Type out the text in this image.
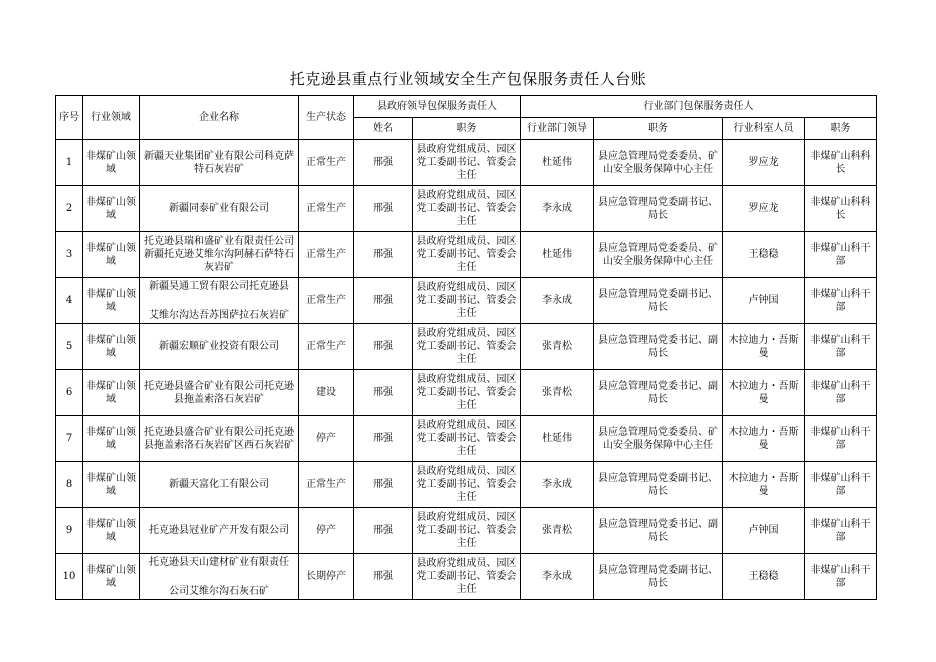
托克逊县重点行业领域安全生产包保服务责任人台账
序号	行业领域	企业名称	生产状态	县政府领导包保服务责任人		行业部门包保服务责任人			
				姓名	职务	行业部门领导	职务	行业科室人员	职务
1	非煤矿山领域	新疆天业集团矿业有限公司科克萨特石灰岩矿	正常生产	邢强	县政府党组成员、园区党工委副书记、管委会主任	杜延伟	县应急管理局党委委员、矿山安全服务保障中心主任	罗应龙	非煤矿山科科长
2	非煤矿山领域	新疆同泰矿业有限公司	正常生产	邢强	县政府党组成员、园区党工委副书记、管委会主任	李永成	县应急管理局党委副书记、局长	罗应龙	非煤矿山科科长
3	非煤矿山领域	托克逊县瑞和盛矿业有限责任公司新疆托克逊艾维尔沟阿赫石萨特石灰岩矿	正常生产	邢强	县政府党组成员、园区党工委副书记、管委会主任	杜延伟	县应急管理局党委委员、矿山安全服务保障中心主任	王稳稳	非煤矿山科干部
4	非煤矿山领域	新疆昊通工贸有限公司托克逊县
艾维尔沟达吾苏图萨拉石灰岩矿	正常生产	邢强	县政府党组成员、园区党工委副书记、管委会主任	李永成	县应急管理局党委副书记、局长	卢钟国	非煤矿山科干部
5	非煤矿山领域	新疆宏顺矿业投资有限公司	正常生产	邢强	县政府党组成员、园区党工委副书记、管委会主任	张青松	县应急管理局党委书记、副局长	木拉迪力・吾斯曼	非煤矿山科干部
6	非煤矿山领域	托克逊县盛合矿业有限公司托克逊县拖盖索洛石灰岩矿	建设	邢强	县政府党组成员、园区党工委副书记、管委会主任	张青松	县应急管理局党委书记、副局长	木拉迪力・吾斯曼	非煤矿山科干部
7	非煤矿山领域	托克逊县盛合矿业有限公司托克逊县拖盖索洛石灰岩矿区西石灰岩矿	停产	邢强	县政府党组成员、园区党工委副书记、管委会主任	杜延伟	县应急管理局党委委员、矿山安全服务保障中心主任	木拉迪力・吾斯曼	非煤矿山科干部
8	非煤矿山领域	新疆天富化工有限公司	正常生产	邢强	县政府党组成员、园区党工委副书记、管委会主任	李永成	县应急管理局党委副书记、局长	木拉迪力・吾斯曼	非煤矿山科干部
9	非煤矿山领域	托克逊县冠业矿产开发有限公司	停产	邢强	县政府党组成员、园区党工委副书记、管委会主任	张青松	县应急管理局党委书记、副局长	卢钟国	非煤矿山科干部
10	非煤矿山领域	托克逊县天山建材矿业有限责任
公司艾维尔沟石灰石矿	长期停产	邢强	县政府党组成员、园区党工委副书记、管委会主任	李永成	县应急管理局党委副书记、局长	王稳稳	非煤矿山科干部
